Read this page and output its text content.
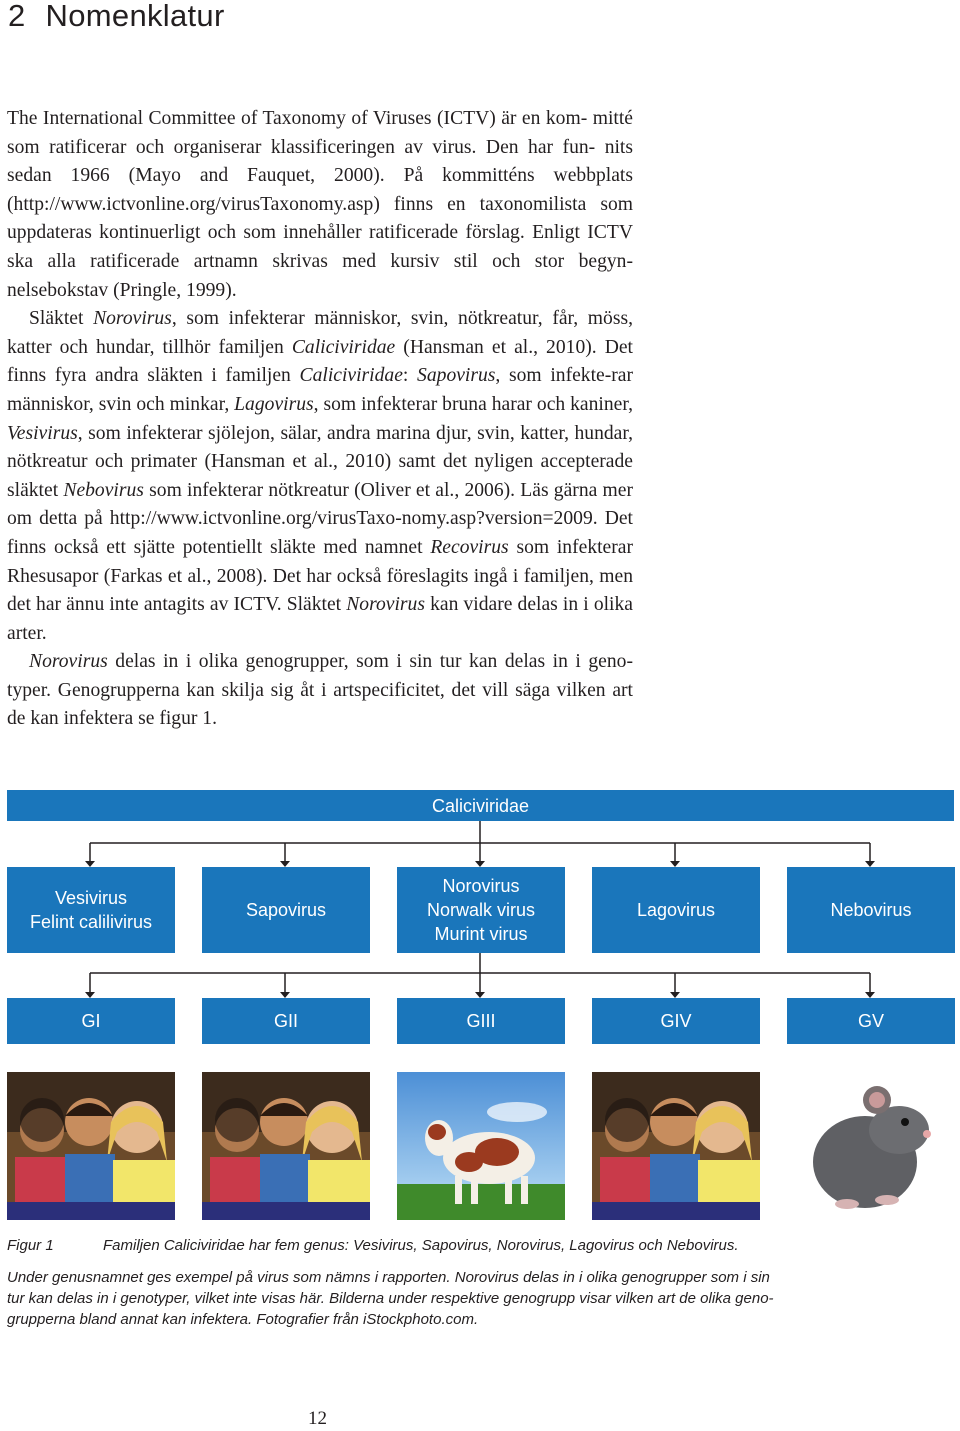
2 Nomenklatur

The International Committee of Taxonomy of Viruses (ICTV) är en kom- mitté som ratificerar och organiserar klassificeringen av virus. Den har fun- nits sedan 1966 (Mayo and Fauquet, 2000). På kommitténs webbplats (http://www.ictvonline.org/virusTaxonomy.asp) finns en taxonomilista som uppdateras kontinuerligt och som innehåller ratificerade förslag. Enligt ICTV ska alla ratificerade artnamn skrivas med kursiv stil och stor begyn- nelsebokstav (Pringle, 1999).

Släktet Norovirus, som infekterar människor, svin, nötkreatur, får, möss, katter och hundar, tillhör familjen Caliciviridae (Hansman et al., 2010). Det finns fyra andra släkten i familjen Caliciviridae: Sapovirus, som infekte-rar människor, svin och minkar, Lagovirus, som infekterar bruna harar och kaniner, Vesivirus, som infekterar sjölejon, sälar, andra marina djur, svin, katter, hundar, nötkreatur och primater (Hansman et al., 2010) samt det nyligen accepterade släktet Nebovirus som infekterar nötkreatur (Oliver et al., 2006). Läs gärna mer om detta på http://www.ictvonline.org/virusTaxo-nomy.asp?version=2009. Det finns också ett sjätte potentiellt släkte med namnet Recovirus som infekterar Rhesusapor (Farkas et al., 2008). Det har också föreslagits ingå i familjen, men det har ännu inte antagits av ICTV. Släktet Norovirus kan vidare delas in i olika arter.

Norovirus delas in i olika genogrupper, som i sin tur kan delas in i geno-typer. Genogrupperna kan skilja sig åt i artspecificitet, det vill säga vilken art de kan infektera se figur 1.

Caliciviridae
Vesivirus
Felint calilivirus
Sapovirus
Norovirus
Norwalk virus
Murint virus
Lagovirus	Nebovirus
GI	GII	GIII	GIV	GV

Figur 1	Familjen Caliciviridae har fem genus: Vesivirus, Sapovirus, Norovirus, Lagovirus och Nebovirus.

Under genusnamnet ges exempel på virus som nämns i rapporten. Norovirus delas in i olika genogrupper som i sin
tur kan delas in i genotyper, vilket inte visas här. Bilderna under respektive genogrupp visar vilken art de olika geno-
grupperna bland annat kan infektera. Fotografier från iStockphoto.com.

12
